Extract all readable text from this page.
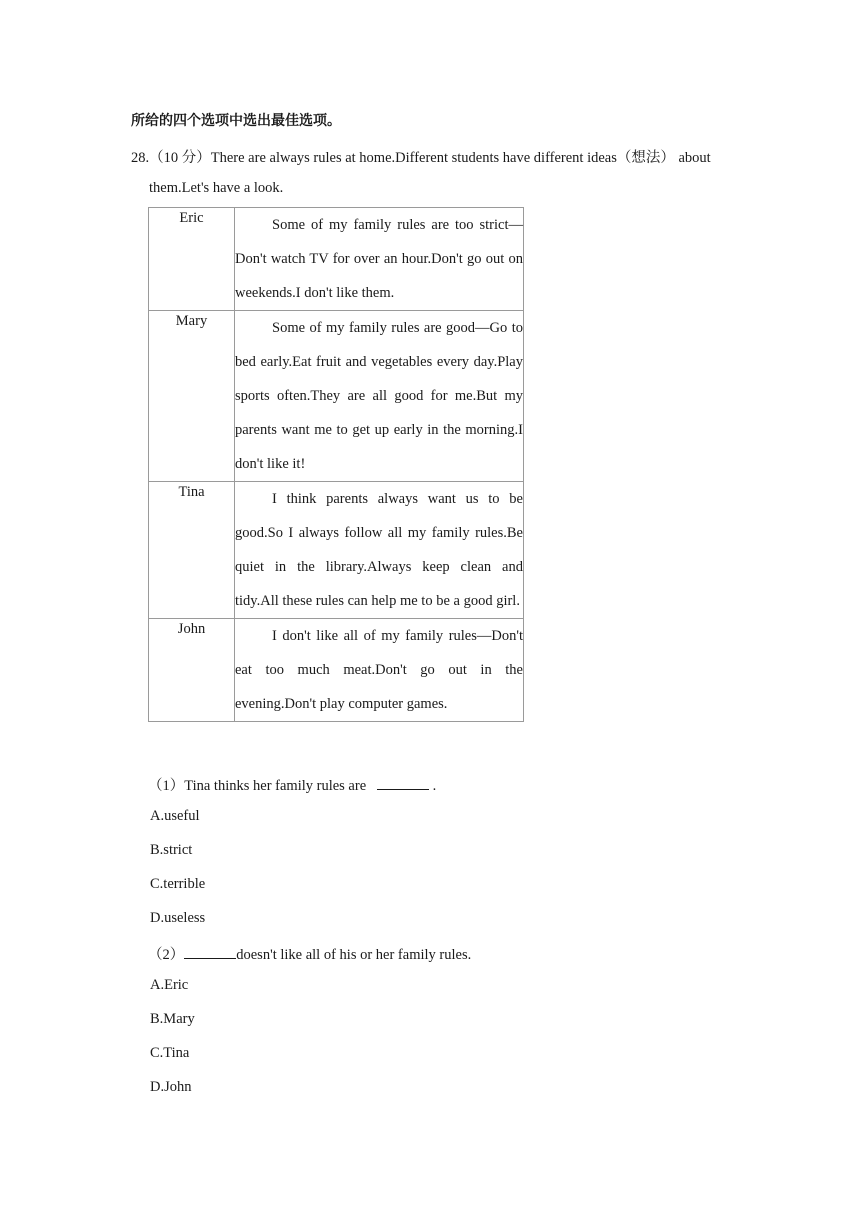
所给的四个选项中选出最佳选项。
28.（10 分）There are always rules at home.Different students have different ideas（想法） about
them.Let's have a look.
Eric	Some of my family rules are too strict—Don't watch TV for over an hour.Don't go out on weekends.I don't like them.
Mary	Some of my family rules are good—Go to bed early.Eat fruit and vegetables every day.Play sports often.They are all good for me.But my parents want me to get up early in the morning.I don't like it!
Tina	I think parents always want us to be good.So I always follow all my family rules.Be quiet in the library.Always keep clean and tidy.All these rules can help me to be a good girl.
John	I don't like all of my family rules—Don't eat too much meat.Don't go out in the evening.Don't play computer games.
（1）Tina thinks her family rules are	.
A.useful
B.strict
C.terrible
D.useless
（2）	doesn't like all of his or her family rules.
A.Eric
B.Mary
C.Tina
D.John
